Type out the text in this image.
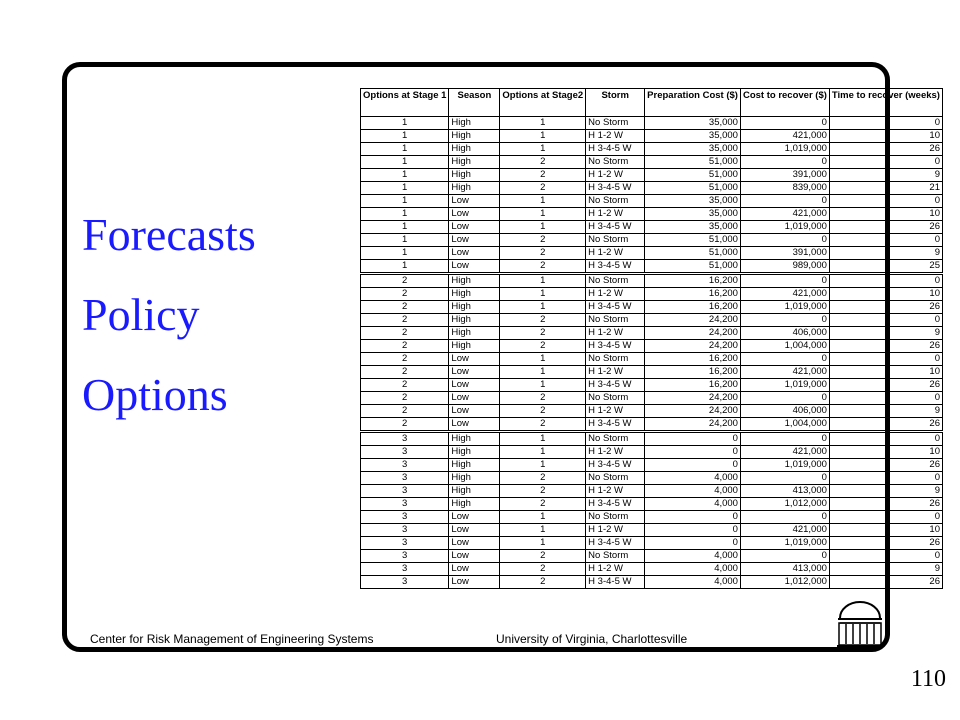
Forecasts
Policy
Options
Options at Stage 1	Season	Options at Stage2	Storm	Preparation Cost ($)	Cost to recover ($)	Time to recover (weeks)
1	High	1	No Storm	35,000	0	0
1	High	1	H 1-2 W	35,000	421,000	10
1	High	1	H 3-4-5 W	35,000	1,019,000	26
1	High	2	No Storm	51,000	0	0
1	High	2	H 1-2 W	51,000	391,000	9
1	High	2	H 3-4-5 W	51,000	839,000	21
1	Low	1	No Storm	35,000	0	0
1	Low	1	H 1-2 W	35,000	421,000	10
1	Low	1	H 3-4-5 W	35,000	1,019,000	26
1	Low	2	No Storm	51,000	0	0
1	Low	2	H 1-2 W	51,000	391,000	9
1	Low	2	H 3-4-5 W	51,000	989,000	25
2	High	1	No Storm	16,200	0	0
2	High	1	H 1-2 W	16,200	421,000	10
2	High	1	H 3-4-5 W	16,200	1,019,000	26
2	High	2	No Storm	24,200	0	0
2	High	2	H 1-2 W	24,200	406,000	9
2	High	2	H 3-4-5 W	24,200	1,004,000	26
2	Low	1	No Storm	16,200	0	0
2	Low	1	H 1-2 W	16,200	421,000	10
2	Low	1	H 3-4-5 W	16,200	1,019,000	26
2	Low	2	No Storm	24,200	0	0
2	Low	2	H 1-2 W	24,200	406,000	9
2	Low	2	H 3-4-5 W	24,200	1,004,000	26
3	High	1	No Storm	0	0	0
3	High	1	H 1-2 W	0	421,000	10
3	High	1	H 3-4-5 W	0	1,019,000	26
3	High	2	No Storm	4,000	0	0
3	High	2	H 1-2 W	4,000	413,000	9
3	High	2	H 3-4-5 W	4,000	1,012,000	26
3	Low	1	No Storm	0	0	0
3	Low	1	H 1-2 W	0	421,000	10
3	Low	1	H 3-4-5 W	0	1,019,000	26
3	Low	2	No Storm	4,000	0	0
3	Low	2	H 1-2 W	4,000	413,000	9
3	Low	2	H 3-4-5 W	4,000	1,012,000	26
Center for Risk Management of Engineering Systems	University of Virginia, Charlottesville
110
